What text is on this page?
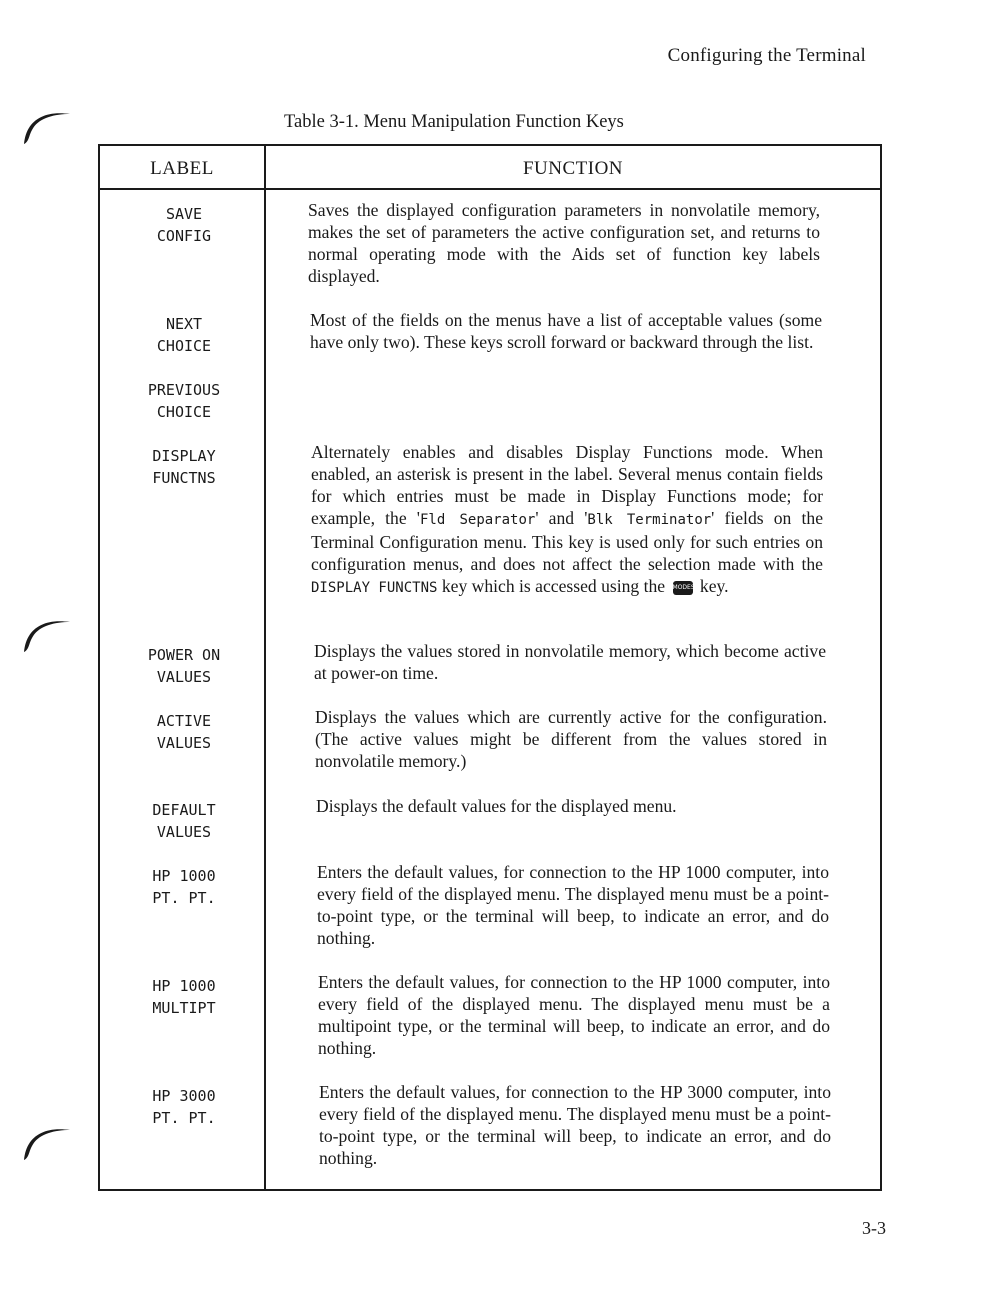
Configuring the Terminal
Table 3-1. Menu Manipulation Function Keys
LABEL	FUNCTION
SAVE
CONFIG
Saves the displayed configuration parameters in nonvolatile memory, makes the set of parameters the active configuration set, and returns to normal operating mode with the Aids set of function key labels displayed.
NEXT
CHOICE
Most of the fields on the menus have a list of acceptable values (some have only two). These keys scroll forward or backward through the list.
PREVIOUS
CHOICE
DISPLAY
FUNCTNS
Alternately enables and disables Display Functions mode. When enabled, an asterisk is present in the label. Several menus contain fields for which entries must be made in Display Functions mode; for example, the 'Fld Separator' and 'Blk Terminator' fields on the Terminal Configuration menu. This key is used only for such entries on configuration menus, and does not affect the selection made with the DISPLAY FUNCTNS key which is accessed using the MODES key.
POWER ON
VALUES
Displays the values stored in nonvolatile memory, which become active at power-on time.
ACTIVE
VALUES
Displays the values which are currently active for the configuration. (The active values might be different from the values stored in nonvolatile memory.)
DEFAULT
VALUES
Displays the default values for the displayed menu.
HP 1000
PT. PT.
Enters the default values, for connection to the HP 1000 computer, into every field of the displayed menu. The displayed menu must be a point-to-point type, or the terminal will beep, to indicate an error, and do nothing.
HP 1000
MULTIPT
Enters the default values, for connection to the HP 1000 computer, into every field of the displayed menu. The displayed menu must be a multipoint type, or the terminal will beep, to indicate an error, and do nothing.
HP 3000
PT. PT.
Enters the default values, for connection to the HP 3000 computer, into every field of the displayed menu. The displayed menu must be a point-to-point type, or the terminal will beep, to indicate an error, and do nothing.
3-3
